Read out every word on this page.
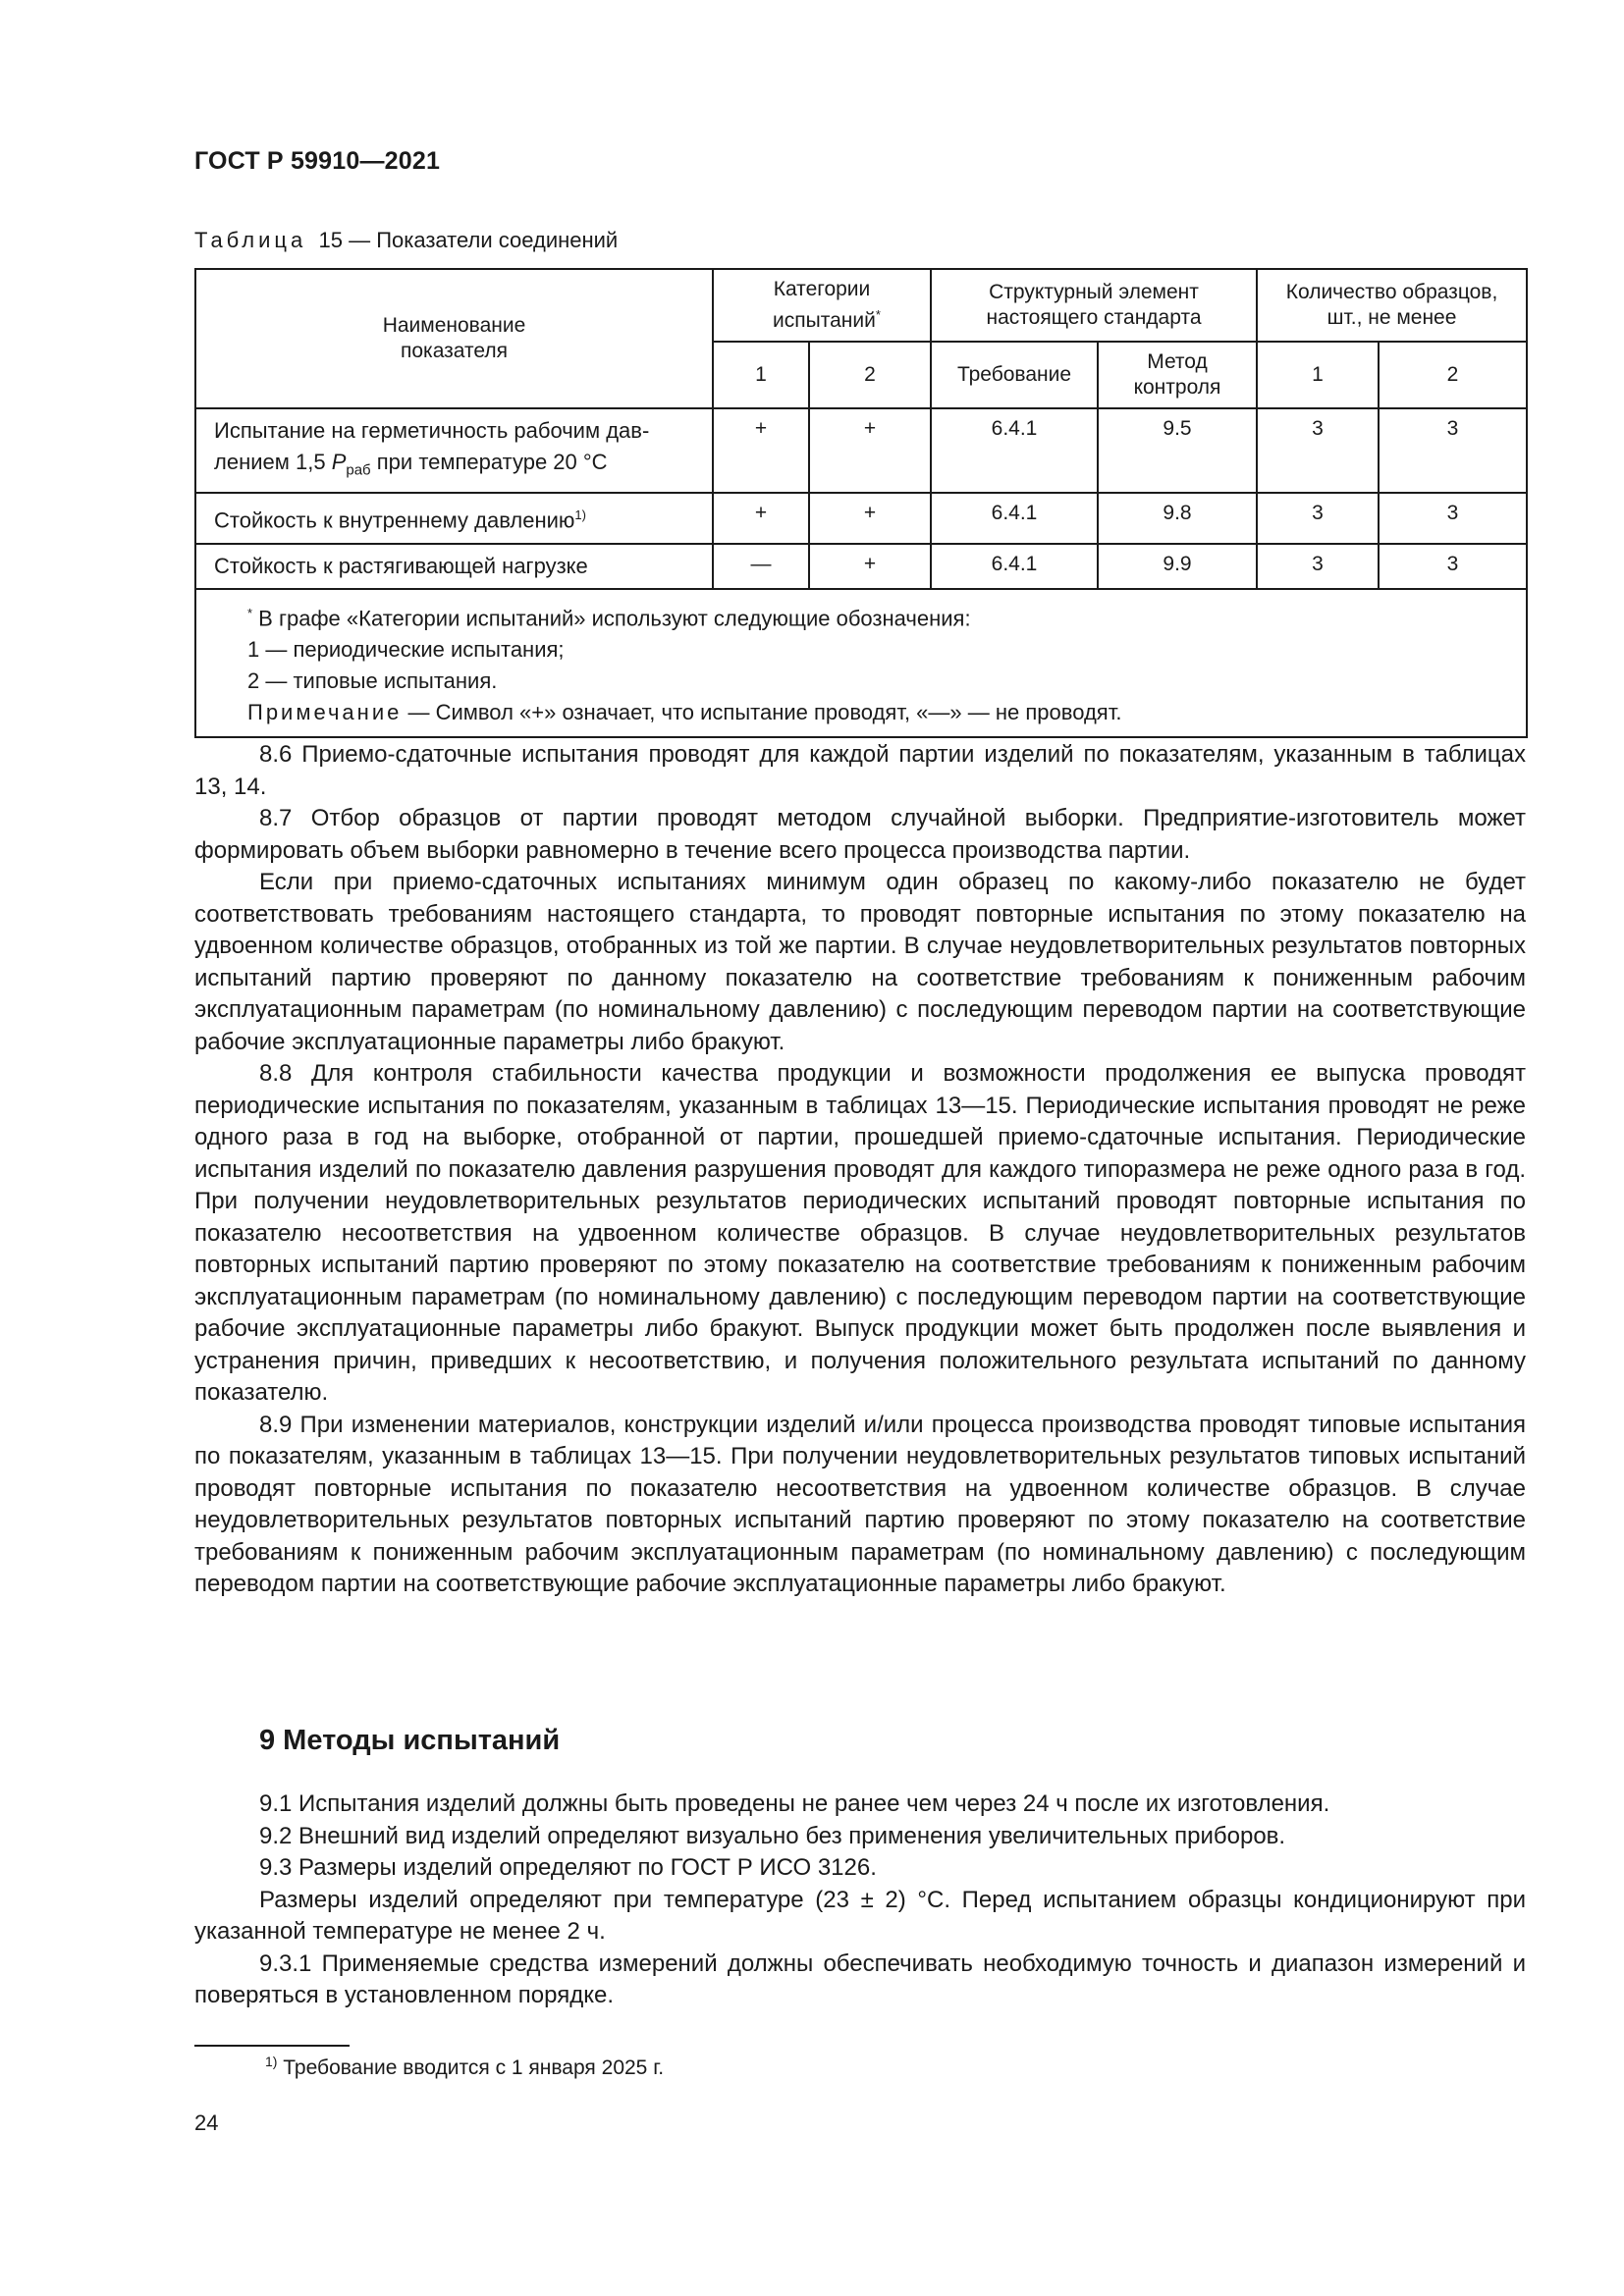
ГОСТ Р 59910—2021
Таблица 15 — Показатели соединений
Наименование показателя	Категории испытаний*		Структурный элемент настоящего стандарта		Количество образцов, шт., не менее	
	1	2	Требование	Метод контроля	1	2
Испытание на герметичность рабочим дав-лением 1,5 $P_{раб}$ при температуре 20 °C	+	+	6.4.1	9.5	3	3
Стойкость к внутреннему давлению$^{1)}$	+	+	6.4.1	9.8	3	3
Стойкость к растягивающей нагрузке	—	+	6.4.1	9.9	3	3

* В графе «Категории испытаний» используют следующие обозначения:
1 — периодические испытания;
2 — типовые испытания.
Примечание — Символ «+» означает, что испытание проводят, «—» — не проводят.						

8.6 Приемо-сдаточные испытания проводят для каждой партии изделий по показателям, указанным в таблицах 13, 14.

8.7 Отбор образцов от партии проводят методом случайной выборки. Предприятие-изготовитель может формировать объем выборки равномерно в течение всего процесса производства партии.

Если при приемо-сдаточных испытаниях минимум один образец по какому-либо показателю не будет соответствовать требованиям настоящего стандарта, то проводят повторные испытания по этому показателю на удвоенном количестве образцов, отобранных из той же партии. В случае неудовлетворительных результатов повторных испытаний партию проверяют по данному показателю на соответствие требованиям к пониженным рабочим эксплуатационным параметрам (по номинальному давлению) с последующим переводом партии на соответствующие рабочие эксплуатационные параметры либо бракуют.

8.8 Для контроля стабильности качества продукции и возможности продолжения ее выпуска проводят периодические испытания по показателям, указанным в таблицах 13—15. Периодические испытания проводят не реже одного раза в год на выборке, отобранной от партии, прошедшей приемо-сдаточные испытания. Периодические испытания изделий по показателю давления разрушения проводят для каждого типоразмера не реже одного раза в год. При получении неудовлетворительных результатов периодических испытаний проводят повторные испытания по показателю несоответствия на удвоенном количестве образцов. В случае неудовлетворительных результатов повторных испытаний партию проверяют по этому показателю на соответствие требованиям к пониженным рабочим эксплуатационным параметрам (по номинальному давлению) с последующим переводом партии на соответствующие рабочие эксплуатационные параметры либо бракуют. Выпуск продукции может быть продолжен после выявления и устранения причин, приведших к несоответствию, и получения положительного результата испытаний по данному показателю.

8.9 При изменении материалов, конструкции изделий и/или процесса производства проводят типовые испытания по показателям, указанным в таблицах 13—15. При получении неудовлетворительных результатов типовых испытаний проводят повторные испытания по показателю несоответствия на удвоенном количестве образцов. В случае неудовлетворительных результатов повторных испытаний партию проверяют по этому показателю на соответствие требованиям к пониженным рабочим эксплуатационным параметрам (по номинальному давлению) с последующим переводом партии на соответствующие рабочие эксплуатационные параметры либо бракуют.

9 Методы испытаний

9.1 Испытания изделий должны быть проведены не ранее чем через 24 ч после их изготовления.

9.2 Внешний вид изделий определяют визуально без применения увеличительных приборов.

9.3 Размеры изделий определяют по ГОСТ Р ИСО 3126.

Размеры изделий определяют при температуре (23 ± 2) °C. Перед испытанием образцы кондиционируют при указанной температуре не менее 2 ч.

9.3.1 Применяемые средства измерений должны обеспечивать необходимую точность и диапазон измерений и поверяться в установленном порядке.

$^{1)}$ Требование вводится с 1 января 2025 г.
24
